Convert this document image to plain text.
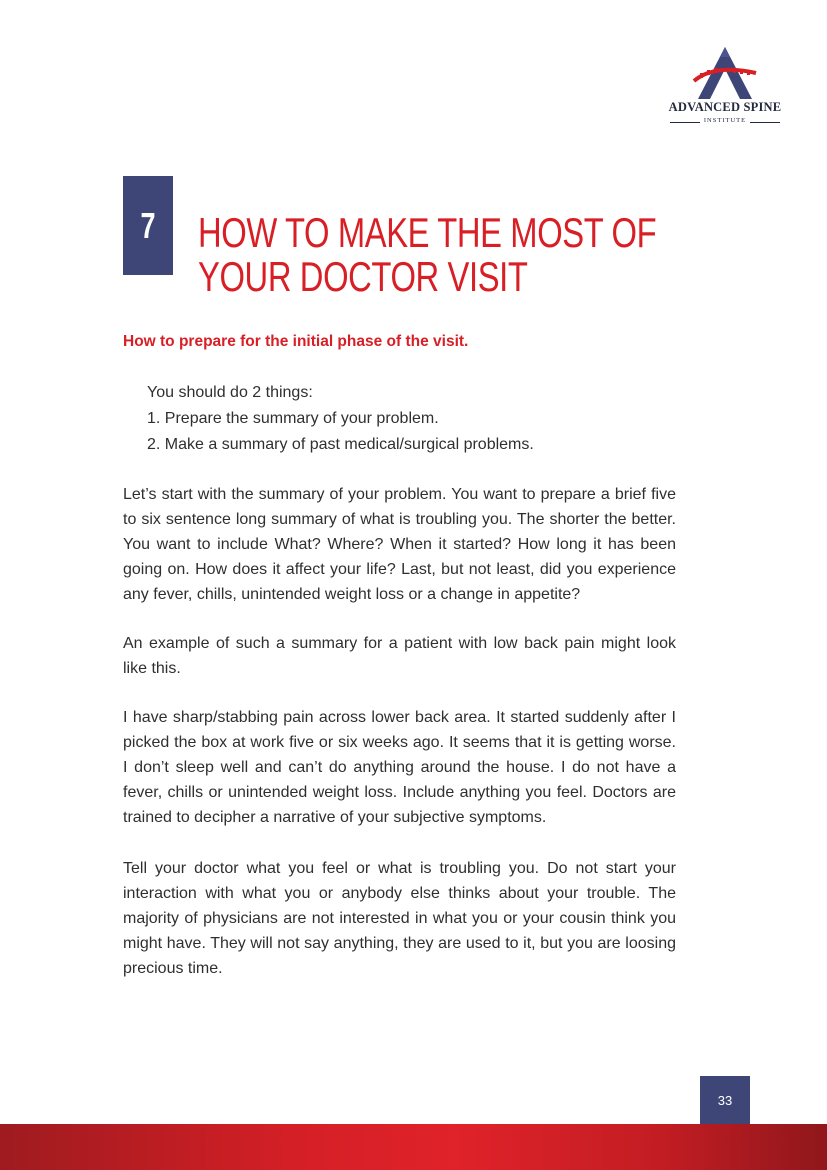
ADVANCED SPINE
INSTITUTE
7 HOW TO MAKE THE MOST OF
YOUR DOCTOR VISIT
How to prepare for the initial phase of the visit.
You should do 2 things:
1. Prepare the summary of your problem.
2. Make a summary of past medical/surgical problems.

Let’s start with the summary of your problem. You want to prepare a brief five to six sentence long summary of what is troubling you. The shorter the better. You want to include What? Where? When it started? How long it has been going on. How does it affect your life? Last, but not least, did you experience any fever, chills, unintended weight loss or a change in appetite?

An example of such a summary for a patient with low back pain might look like this.

I have sharp/stabbing pain across lower back area. It started suddenly after I picked the box at work five or six weeks ago. It seems that it is getting worse. I don’t sleep well and can’t do anything around the house. I do not have a fever, chills or unintended weight loss. Include anything you feel. Doctors are trained to decipher a narrative of your subjective symptoms.

Tell your doctor what you feel or what is troubling you. Do not start your interaction with what you or anybody else thinks about your trouble. The majority of physicians are not interested in what you or your cousin think you might have. They will not say anything, they are used to it, but you are loosing precious time.

33
